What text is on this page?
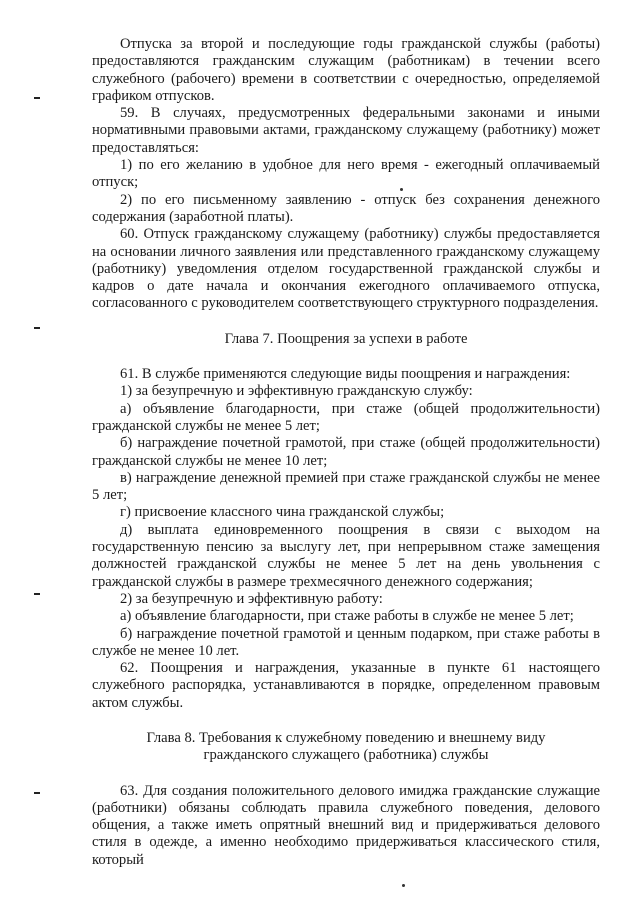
Отпуска за второй и последующие годы гражданской службы (работы) предоставляются гражданским служащим (работникам) в течении всего служебного (рабочего) времени в соответствии с очередностью, определяемой графиком отпусков.

59. В случаях, предусмотренных федеральными законами и иными нормативными правовыми актами, гражданскому служащему (работнику) может предоставляться:

1) по его желанию в удобное для него время - ежегодный оплачиваемый отпуск;

2) по его письменному заявлению - отпуск без сохранения денежного содержания (заработной платы).

60. Отпуск гражданскому служащему (работнику) службы предоставляется на основании личного заявления или представленного гражданскому служащему (работнику) уведомления отделом государственной гражданской службы и кадров о дате начала и окончания ежегодного оплачиваемого отпуска, согласованного с руководителем соответствующего структурного подразделения.

Глава 7. Поощрения за успехи в работе

61. В службе применяются следующие виды поощрения и награждения:

1) за безупречную и эффективную гражданскую службу:

а) объявление благодарности, при стаже (общей продолжительности) гражданской службы не менее 5 лет;

б) награждение почетной грамотой, при стаже (общей продолжительности) гражданской службы не менее 10 лет;

в) награждение денежной премией при стаже гражданской службы не менее 5 лет;

г) присвоение классного чина гражданской службы;

д) выплата единовременного поощрения в связи с выходом на государственную пенсию за выслугу лет, при непрерывном стаже замещения должностей гражданской службы не менее 5 лет на день увольнения с гражданской службы в размере трехмесячного денежного содержания;

2) за безупречную и эффективную работу:

а) объявление благодарности, при стаже работы в службе не менее 5 лет;

б) награждение почетной грамотой и ценным подарком, при стаже работы в службе не менее 10 лет.

62. Поощрения и награждения, указанные в пункте 61 настоящего служебного распорядка, устанавливаются в порядке, определенном правовым актом службы.

Глава 8. Требования к служебному поведению и внешнему виду
гражданского служащего (работника) службы

63. Для создания положительного делового имиджа гражданские служащие (работники) обязаны соблюдать правила служебного поведения, делового общения, а также иметь опрятный внешний вид и придерживаться делового стиля в одежде, а именно необходимо придерживаться классического стиля, который
